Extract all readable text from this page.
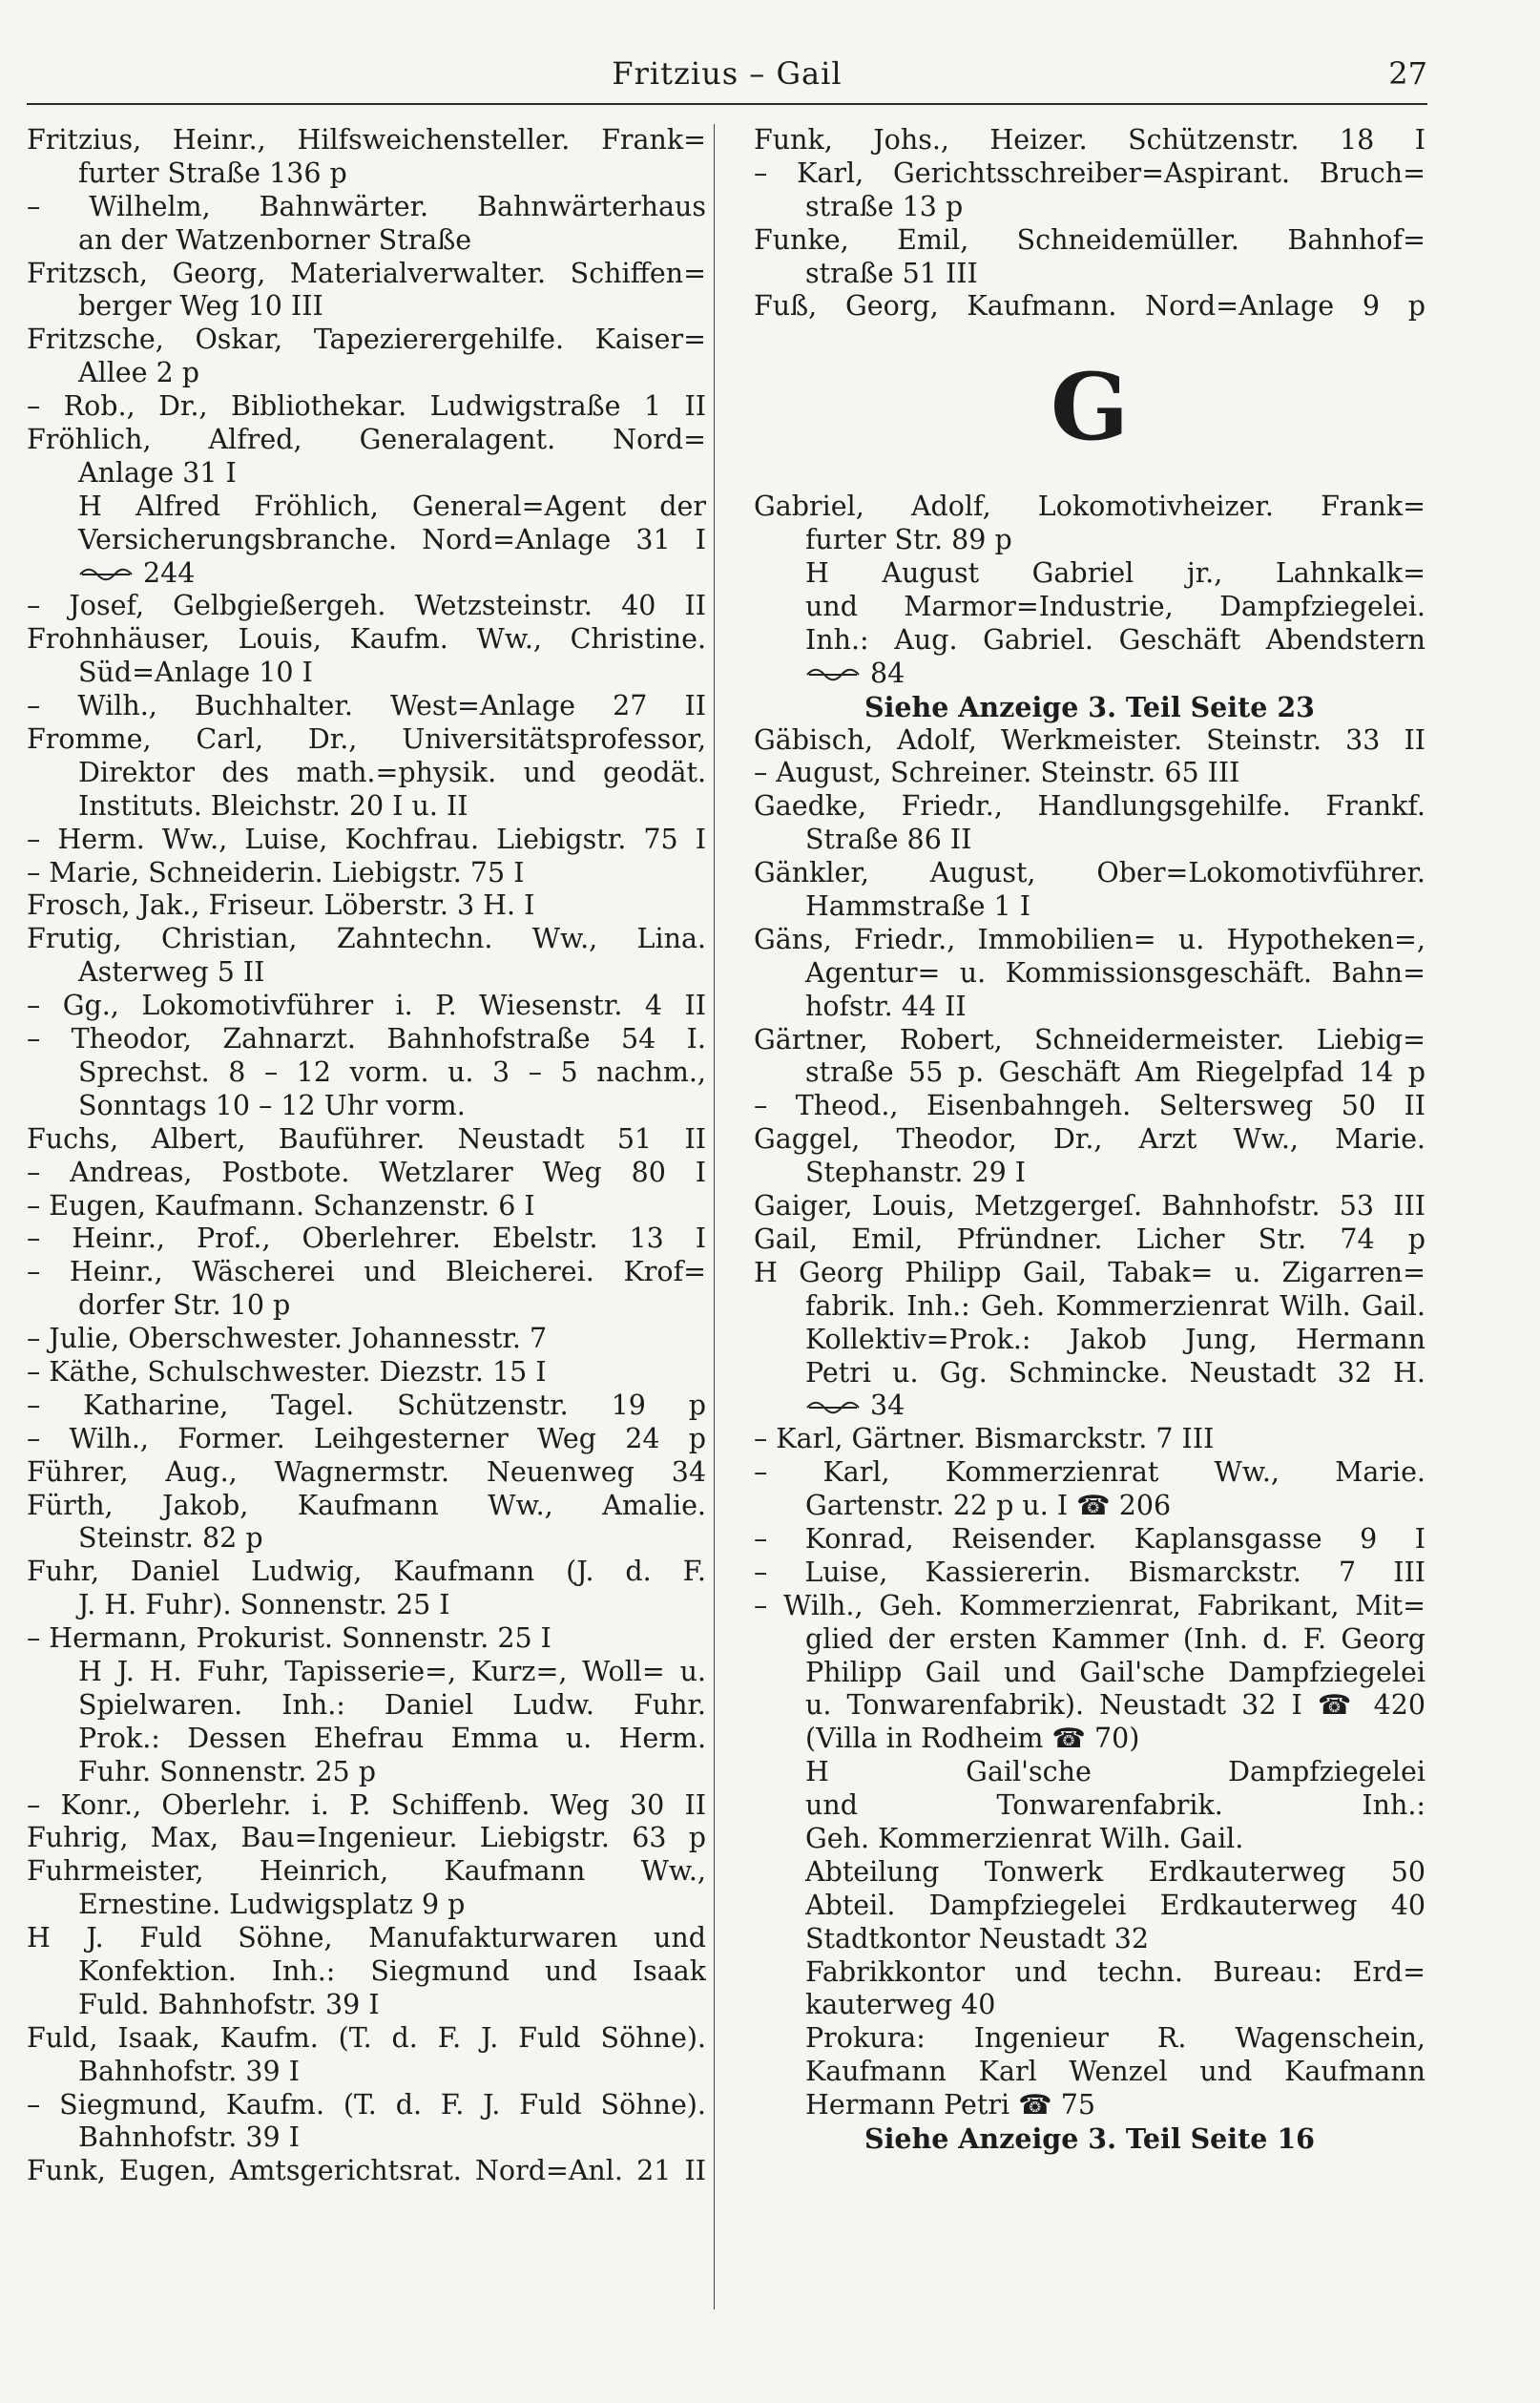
Fritzius – Gail	27
Fritzius, Heinr., Hilfsweichensteller. Frank=
furter Straße 136 p
– Wilhelm, Bahnwärter. Bahnwärterhaus
an der Watzenborner Straße
Fritzsch, Georg, Materialverwalter. Schiffen=
berger Weg 10 III
Fritzsche, Oskar, Tapezierergehilfe. Kaiser=
Allee 2 p
– Rob., Dr., Bibliothekar. Ludwigstraße 1 II
Fröhlich, Alfred, Generalagent. Nord=
Anlage 31 I
H Alfred Fröhlich, General=Agent der
Versicherungsbranche. Nord=Anlage 31 I
244
– Josef, Gelbgießergeh. Wetzsteinstr. 40 II
Frohnhäuser, Louis, Kaufm. Ww., Christine.
Süd=Anlage 10 I
– Wilh., Buchhalter. West=Anlage 27 II
Fromme, Carl, Dr., Universitätsprofessor,
Direktor des math.=physik. und geodät.
Instituts. Bleichstr. 20 I u. II
– Herm. Ww., Luise, Kochfrau. Liebigstr. 75 I
– Marie, Schneiderin. Liebigstr. 75 I
Frosch, Jak., Friseur. Löberstr. 3 H. I
Frutig, Christian, Zahntechn. Ww., Lina.
Asterweg 5 II
– Gg., Lokomotivführer i. P. Wiesenstr. 4 II
– Theodor, Zahnarzt. Bahnhofstraße 54 I.
Sprechst. 8 – 12 vorm. u. 3 – 5 nachm.,
Sonntags 10 – 12 Uhr vorm.
Fuchs, Albert, Bauführer. Neustadt 51 II
– Andreas, Postbote. Wetzlarer Weg 80 I
– Eugen, Kaufmann. Schanzenstr. 6 I
– Heinr., Prof., Oberlehrer. Ebelstr. 13 I
– Heinr., Wäscherei und Bleicherei. Krof=
dorfer Str. 10 p
– Julie, Oberschwester. Johannesstr. 7
– Käthe, Schulschwester. Diezstr. 15 I
– Katharine, Tagel. Schützenstr. 19 p
– Wilh., Former. Leihgesterner Weg 24 p
Führer, Aug., Wagnermstr. Neuenweg 34
Fürth, Jakob, Kaufmann Ww., Amalie.
Steinstr. 82 p
Fuhr, Daniel Ludwig, Kaufmann (J. d. F.
J. H. Fuhr). Sonnenstr. 25 I
– Hermann, Prokurist. Sonnenstr. 25 I
H J. H. Fuhr, Tapisserie=, Kurz=, Woll= u.
Spielwaren. Inh.: Daniel Ludw. Fuhr.
Prok.: Dessen Ehefrau Emma u. Herm.
Fuhr. Sonnenstr. 25 p
– Konr., Oberlehr. i. P. Schiffenb. Weg 30 II
Fuhrig, Max, Bau=Ingenieur. Liebigstr. 63 p
Fuhrmeister, Heinrich, Kaufmann Ww.,
Ernestine. Ludwigsplatz 9 p
H J. Fuld Söhne, Manufakturwaren und
Konfektion. Inh.: Siegmund und Isaak
Fuld. Bahnhofstr. 39 I
Fuld, Isaak, Kaufm. (T. d. F. J. Fuld Söhne).
Bahnhofstr. 39 I
– Siegmund, Kaufm. (T. d. F. J. Fuld Söhne).
Bahnhofstr. 39 I
Funk, Eugen, Amtsgerichtsrat. Nord=Anl. 21 II
Funk, Johs., Heizer. Schützenstr. 18 I
– Karl, Gerichtsschreiber=Aspirant. Bruch=
straße 13 p
Funke, Emil, Schneidemüller. Bahnhof=
straße 51 III
Fuß, Georg, Kaufmann. Nord=Anlage 9 p
G
Gabriel, Adolf, Lokomotivheizer. Frank=
furter Str. 89 p
H August Gabriel jr., Lahnkalk=
und Marmor=Industrie, Dampfziegelei.
Inh.: Aug. Gabriel. Geschäft Abendstern
84
Siehe Anzeige 3. Teil Seite 23
Gäbisch, Adolf, Werkmeister. Steinstr. 33 II
– August, Schreiner. Steinstr. 65 III
Gaedke, Friedr., Handlungsgehilfe. Frankf.
Straße 86 II
Gänkler, August, Ober=Lokomotivführer.
Hammstraße 1 I
Gäns, Friedr., Immobilien= u. Hypotheken=,
Agentur= u. Kommissionsgeschäft. Bahn=
hofstr. 44 II
Gärtner, Robert, Schneidermeister. Liebig=
straße 55 p. Geschäft Am Riegelpfad 14 p
– Theod., Eisenbahngeh. Seltersweg 50 II
Gaggel, Theodor, Dr., Arzt Ww., Marie.
Stephanstr. 29 I
Gaiger, Louis, Metzgergeſ. Bahnhofstr. 53 III
Gail, Emil, Pfründner. Licher Str. 74 p
H Georg Philipp Gail, Tabak= u. Zigarren=
fabrik. Inh.: Geh. Kommerzienrat Wilh. Gail.
Kollektiv=Prok.: Jakob Jung, Hermann
Petri u. Gg. Schmincke. Neustadt 32 H.
34
– Karl, Gärtner. Bismarckstr. 7 III
– Karl, Kommerzienrat Ww., Marie.
Gartenstr. 22 p u. I ☎ 206
– Konrad, Reisender. Kaplansgasse 9 I
– Luise, Kassiererin. Bismarckstr. 7 III
– Wilh., Geh. Kommerzienrat, Fabrikant, Mit=
glied der ersten Kammer (Inh. d. F. Georg
Philipp Gail und Gail'sche Dampfziegelei
u. Tonwarenfabrik). Neustadt 32 I ☎ 420
(Villa in Rodheim ☎ 70)
H Gail'sche Dampfziegelei
und Tonwarenfabrik. Inh.:
Geh. Kommerzienrat Wilh. Gail.
Abteilung Tonwerk Erdkauterweg 50
Abteil. Dampfziegelei Erdkauterweg 40
Stadtkontor Neustadt 32
Fabrikkontor und techn. Bureau: Erd=
kauterweg 40
Prokura: Ingenieur R. Wagenschein,
Kaufmann Karl Wenzel und Kaufmann
Hermann Petri ☎ 75
Siehe Anzeige 3. Teil Seite 16
